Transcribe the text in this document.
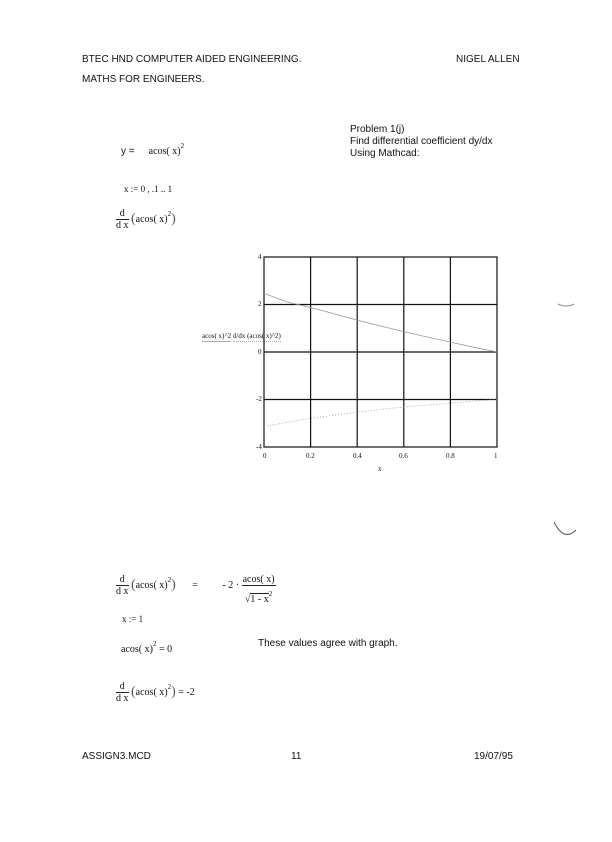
BTEC HND COMPUTER AIDED ENGINEERING.	NIGEL ALLEN
MATHS FOR ENGINEERS.
Problem 1(j)
Find differential coefficient dy/dx
Using Mathcad:
y = acos( x)$^2$
x := 0 , .1 .. 1
$\frac{d}{\text{d x}} (acos$( x)$^2$)
acos( x)^2 d/dx (acos( x)^2)
4
2
0
-2
-4
0	0.2	0.4	0.6	0.8	1
x
$\frac{d}{\text{d x}} (acos$( x)$^2$) = - $2 \cdot \frac{acos( x)}{√1 - x^2}$
x := 1
acos( x)$^2$ = 0
These values agree with graph.
$\frac{d}{\text{d x}} (acos$( x)$^2$) = -2
ASSIGN3.MCD	11	19/07/95
